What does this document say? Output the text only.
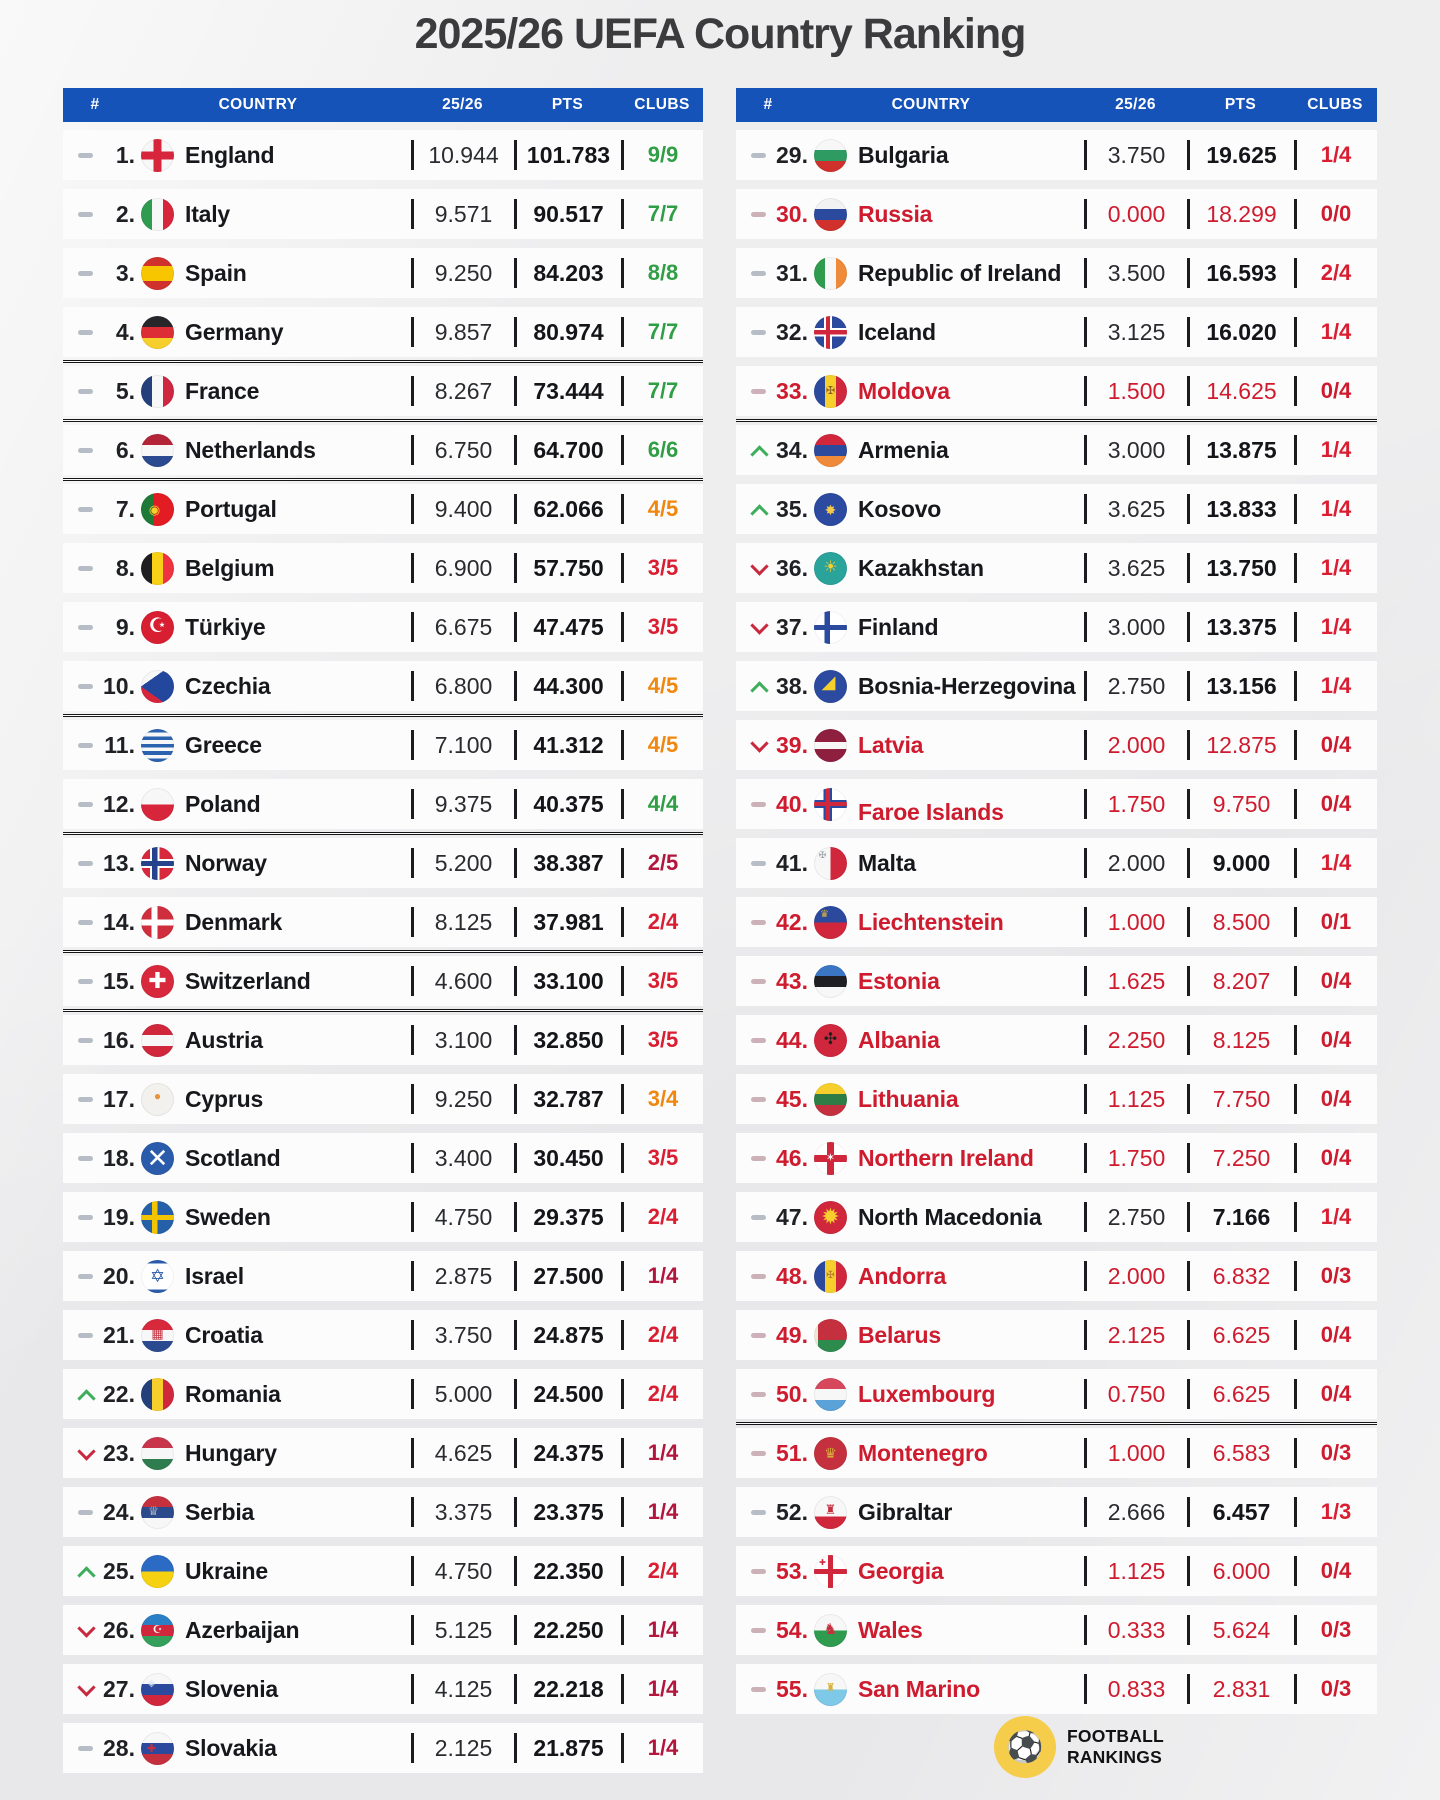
2025/26 UEFA Country Ranking
#	COUNTRY	25/26	PTS	CLUBS
1. England	10.944	101.783	9/9
2. Italy	9.571	90.517	7/7
3. Spain	9.250	84.203	8/8
4. Germany	9.857	80.974	7/7
5. France	8.267	73.444	7/7
6. Netherlands	6.750	64.700	6/6
7.	◉	Portugal	9.400	62.066	4/5
8. Belgium	6.900	57.750	3/5
9. ☪ Türkiye	6.675	47.475	3/5
10. Czechia	6.800	44.300	4/5
11. Greece	7.100	41.312	4/5
12. Poland	9.375	40.375	4/4
13. Norway	5.200	38.387	2/5
14. Denmark	8.125	37.981	2/4
15. ✚ Switzerland	4.600	33.100	3/5
16. Austria	3.100	32.850	3/5
17.	●	Cyprus	9.250	32.787	3/4
18. ✕ Scotland	3.400	30.450	3/5
19. Sweden	4.750	29.375	2/4
20. ✡ Israel	2.875	27.500	1/4
21.	▦ Croatia	3.750	24.875	2/4
22. Romania	5.000	24.500	2/4
23. Hungary	4.625	24.375	1/4
24.	♕	Serbia	3.375	23.375	1/4
25. Ukraine	4.750	22.350	2/4
26.	☪ Azerbaijan	5.125	22.250	1/4
27.	◈	Slovenia	4.125	22.218	1/4
28.	✚	Slovakia	2.125	21.875	1/4
#	COUNTRY	25/26	PTS	CLUBS
29. Bulgaria	3.750	19.625	1/4
30. Russia	0.000	18.299	0/0
31. Republic of Ireland	3.500	16.593	2/4
32. Iceland	3.125	16.020	1/4
33.	✠ Moldova	1.500	14.625	0/4
34. Armenia	3.000	13.875	1/4
35.	✸ Kosovo	3.625	13.833	1/4
36. ☀ Kazakhstan	3.625	13.750	1/4
37. Finland	3.000	13.375	1/4
38. ◢ Bosnia-Herzegovina	2.750	13.156	1/4
39. Latvia	2.000	12.875	0/4
40. Faroe Islands	1.750	9.750	0/4
41.	✠	Malta	2.000	9.000	1/4
42.	♛	Liechtenstein	1.000	8.500	0/1
43. Estonia	1.625	8.207	0/4
44. ✣ Albania	2.250	8.125	0/4
45. Lithuania	1.125	7.750	0/4
46.	✶ Northern Ireland	1.750	7.250	0/4
47. ✹ North Macedonia	2.750	7.166	1/4
48.	✠	Andorra	2.000	6.832	0/3
49. Belarus	2.125	6.625	0/4
50. Luxembourg	0.750	6.625	0/4
51.	♛ Montenegro	1.000	6.583	0/3
52.	♜ Gibraltar	2.666	6.457	1/3
53.	✚	Georgia	1.125	6.000	0/4
54.	♞ Wales	0.333	5.624	0/3
55.	♜ San Marino	0.833	2.831	0/3
⚽	FOOTBALL
RANKINGS
